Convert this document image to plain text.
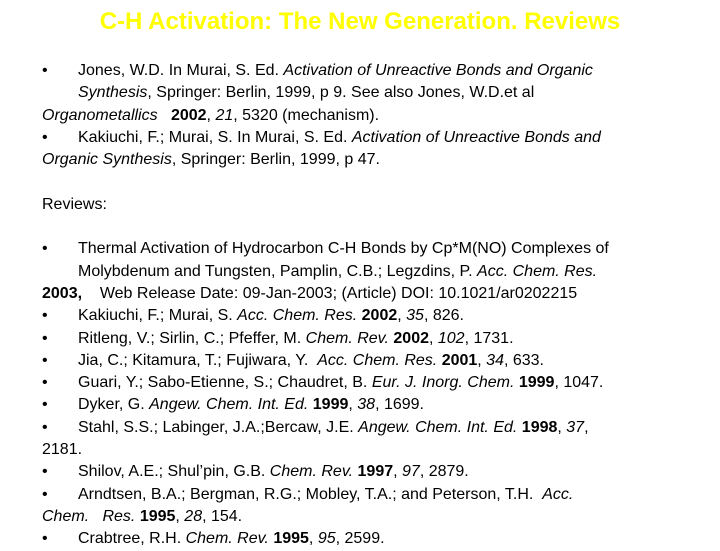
C-H Activation: The New Generation. Reviews
• Jones, W.D. In Murai, S. Ed. Activation of Unreactive Bonds and Organic
Synthesis, Springer: Berlin, 1999, p 9. See also Jones, W.D.et al
Organometallics 2002, 21, 5320 (mechanism).
• Kakiuchi, F.; Murai, S. In Murai, S. Ed. Activation of Unreactive Bonds and
Organic Synthesis, Springer: Berlin, 1999, p 47.
Reviews:
• Thermal Activation of Hydrocarbon C-H Bonds by Cp*M(NO) Complexes of
Molybdenum and Tungsten, Pamplin, C.B.; Legzdins, P. Acc. Chem. Res.
2003,    Web Release Date: 09-Jan-2003; (Article) DOI: 10.1021/ar0202215
• Kakiuchi, F.; Murai, S. Acc. Chem. Res. 2002, 35, 826.
• Ritleng, V.; Sirlin, C.; Pfeffer, M. Chem. Rev. 2002, 102, 1731.
• Jia, C.; Kitamura, T.; Fujiwara, Y.  Acc. Chem. Res. 2001, 34, 633.
• Guari, Y.; Sabo-Etienne, S.; Chaudret, B. Eur. J. Inorg. Chem. 1999, 1047.
• Dyker, G. Angew. Chem. Int. Ed. 1999, 38, 1699.
• Stahl, S.S.; Labinger, J.A.;Bercaw, J.E. Angew. Chem. Int. Ed. 1998, 37,
2181.
• Shilov, A.E.; Shul’pin, G.B. Chem. Rev. 1997, 97, 2879.
• Arndtsen, B.A.; Bergman, R.G.; Mobley, T.A.; and Peterson, T.H.  Acc.
Chem.   Res. 1995, 28, 154.
• Crabtree, R.H. Chem. Rev. 1995, 95, 2599.
